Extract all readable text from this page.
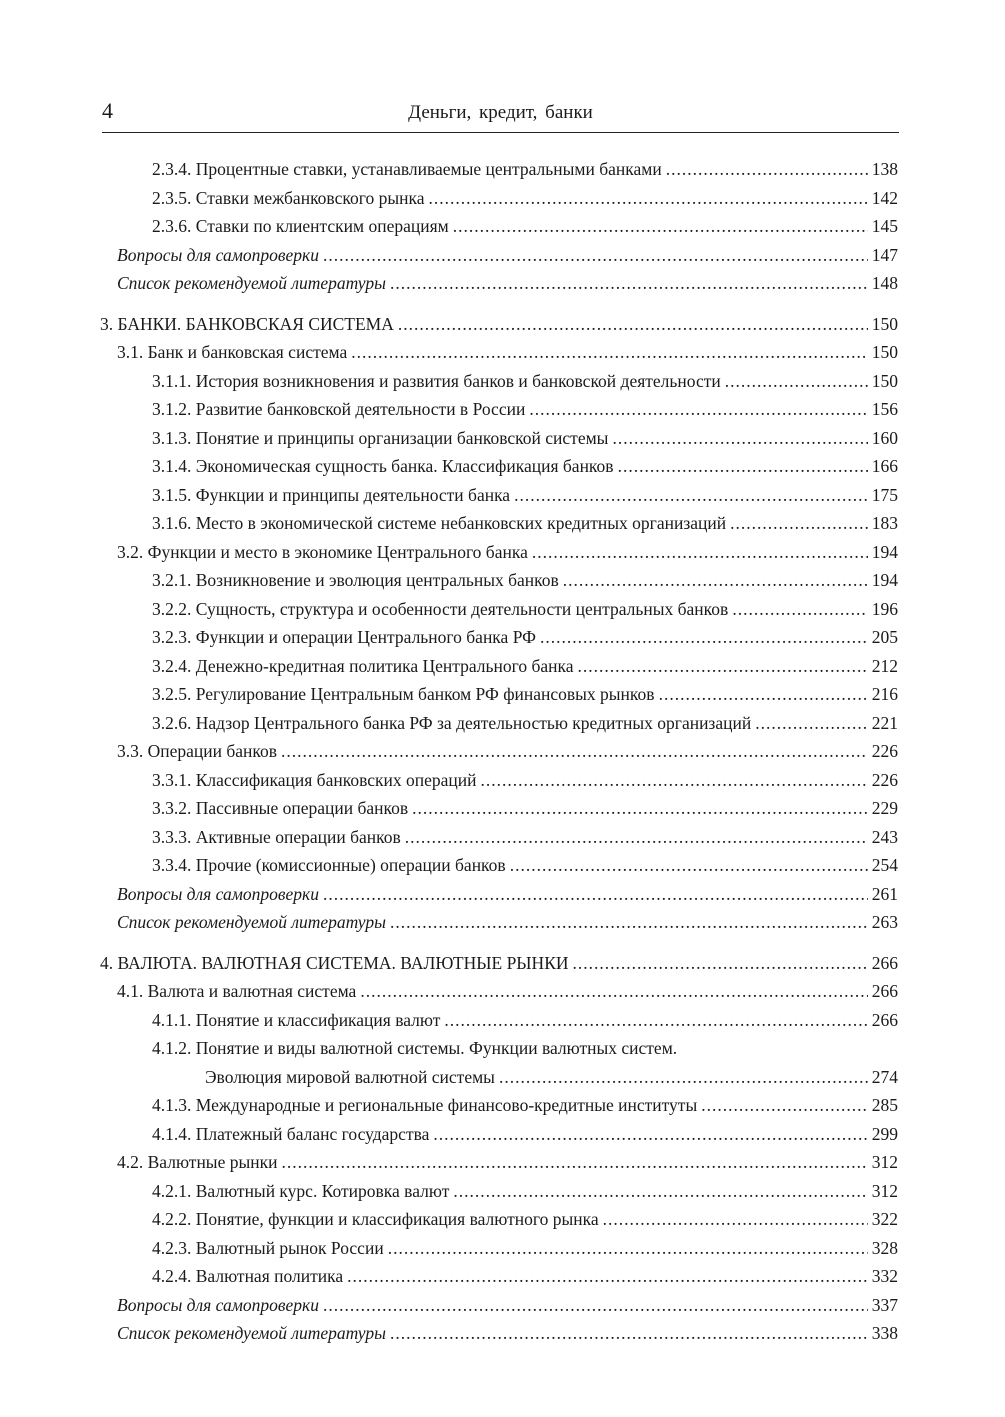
4	Деньги, кредит, банки
2.3.4. Процентные ставки, устанавливаемые центральными банками .....	138
2.3.5. Ставки межбанковского рынка .....	142
2.3.6. Ставки по клиентским операциям .....	145
Вопросы для самопроверки .....	147
Список рекомендуемой литературы .....	148
3. БАНКИ. БАНКОВСКАЯ СИСТЕМА .....	150
3.1. Банк и банковская система .....	150
3.1.1. История возникновения и развития банков и банковской деятельности .....	150
3.1.2. Развитие банковской деятельности в России .....	156
3.1.3. Понятие и принципы организации банковской системы .....	160
3.1.4. Экономическая сущность банка. Классификация банков .....	166
3.1.5. Функции и принципы деятельности банка .....	175
3.1.6. Место в экономической системе небанковских кредитных организаций .....	183
3.2. Функции и место в экономике Центрального банка .....	194
3.2.1. Возникновение и эволюция центральных банков .....	194
3.2.2. Сущность, структура и особенности деятельности центральных банков .....	196
3.2.3. Функции и операции Центрального банка РФ .....	205
3.2.4. Денежно-кредитная политика Центрального банка .....	212
3.2.5. Регулирование Центральным банком РФ финансовых рынков .....	216
3.2.6. Надзор Центрального банка РФ за деятельностью кредитных организаций .....	221
3.3. Операции банков .....	226
3.3.1. Классификация банковских операций .....	226
3.3.2. Пассивные операции банков .....	229
3.3.3. Активные операции банков .....	243
3.3.4. Прочие (комиссионные) операции банков .....	254
Вопросы для самопроверки .....	261
Список рекомендуемой литературы .....	263
4. ВАЛЮТА. ВАЛЮТНАЯ СИСТЕМА. ВАЛЮТНЫЕ РЫНКИ .....	266
4.1. Валюта и валютная система .....	266
4.1.1. Понятие и классификация валют .....	266
4.1.2. Понятие и виды валютной системы. Функции валютных систем.
Эволюция мировой валютной системы .....	274
4.1.3. Международные и региональные финансово-кредитные институты .....	285
4.1.4. Платежный баланс государства .....	299
4.2. Валютные рынки .....	312
4.2.1. Валютный курс. Котировка валют .....	312
4.2.2. Понятие, функции и классификация валютного рынка .....	322
4.2.3. Валютный рынок России .....	328
4.2.4. Валютная политика .....	332
Вопросы для самопроверки .....	337
Список рекомендуемой литературы .....	338
